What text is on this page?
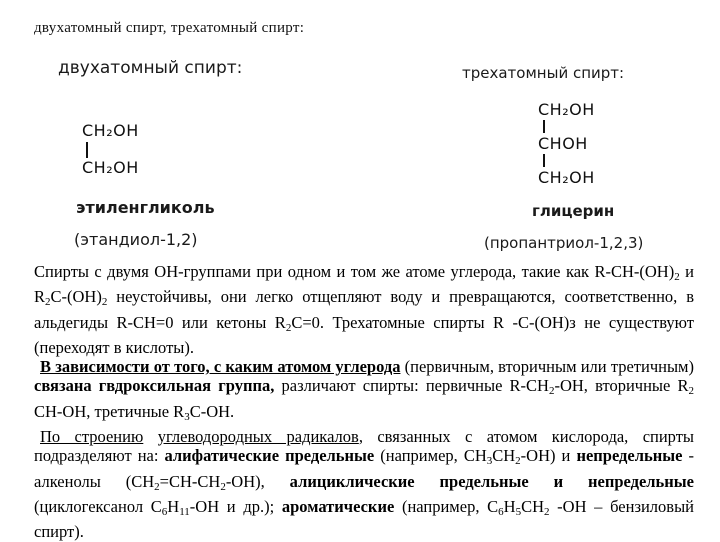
двухатомный спирт, трехатомный спирт:
двухатомный спирт:
CH₂OH
CH₂OH
этиленгликоль
(этандиол-1,2)
трехатомный спирт:
CH₂OH
CHOH
CH₂OH
глицерин
(пропантриол-1,2,3)

Спирты с двумя ОН-группами при одном и том же атоме углерода, такие как $R-CH-(OH)_2$ и $R_2C-(OH)_2$ неустойчивы, они легко отщепляют воду и превращаются, соответственно, в альдегиды R-CH=0 или кетоны $R_2C=0$. Трехатомные спирты R -C-(OH)з не существуют (переходят в кислоты).

В зависимости от того, с каким атомом углерода (первичным, вторичным или третичным) связана гвдроксильная группа, различают спирты: первичные $R-CH_2-OH$, вторичные $R_2$ CH-OH, третичные $R_3C-OH$.

По строению углеводородных радикалов, связанных с атомом кислорода, спирты подразделяют на: алифатические предельные (например, $CH_3CH_2-OH$) и непредельные - алкенолы $(CH_2=CH-CH_2-OH)$, алициклические предельные и непредельные (циклогексанол $C_6H_{11}-OH$ и др.); ароматические (например, $C_6H_5CH_2$ -OH – бензиловый спирт).
